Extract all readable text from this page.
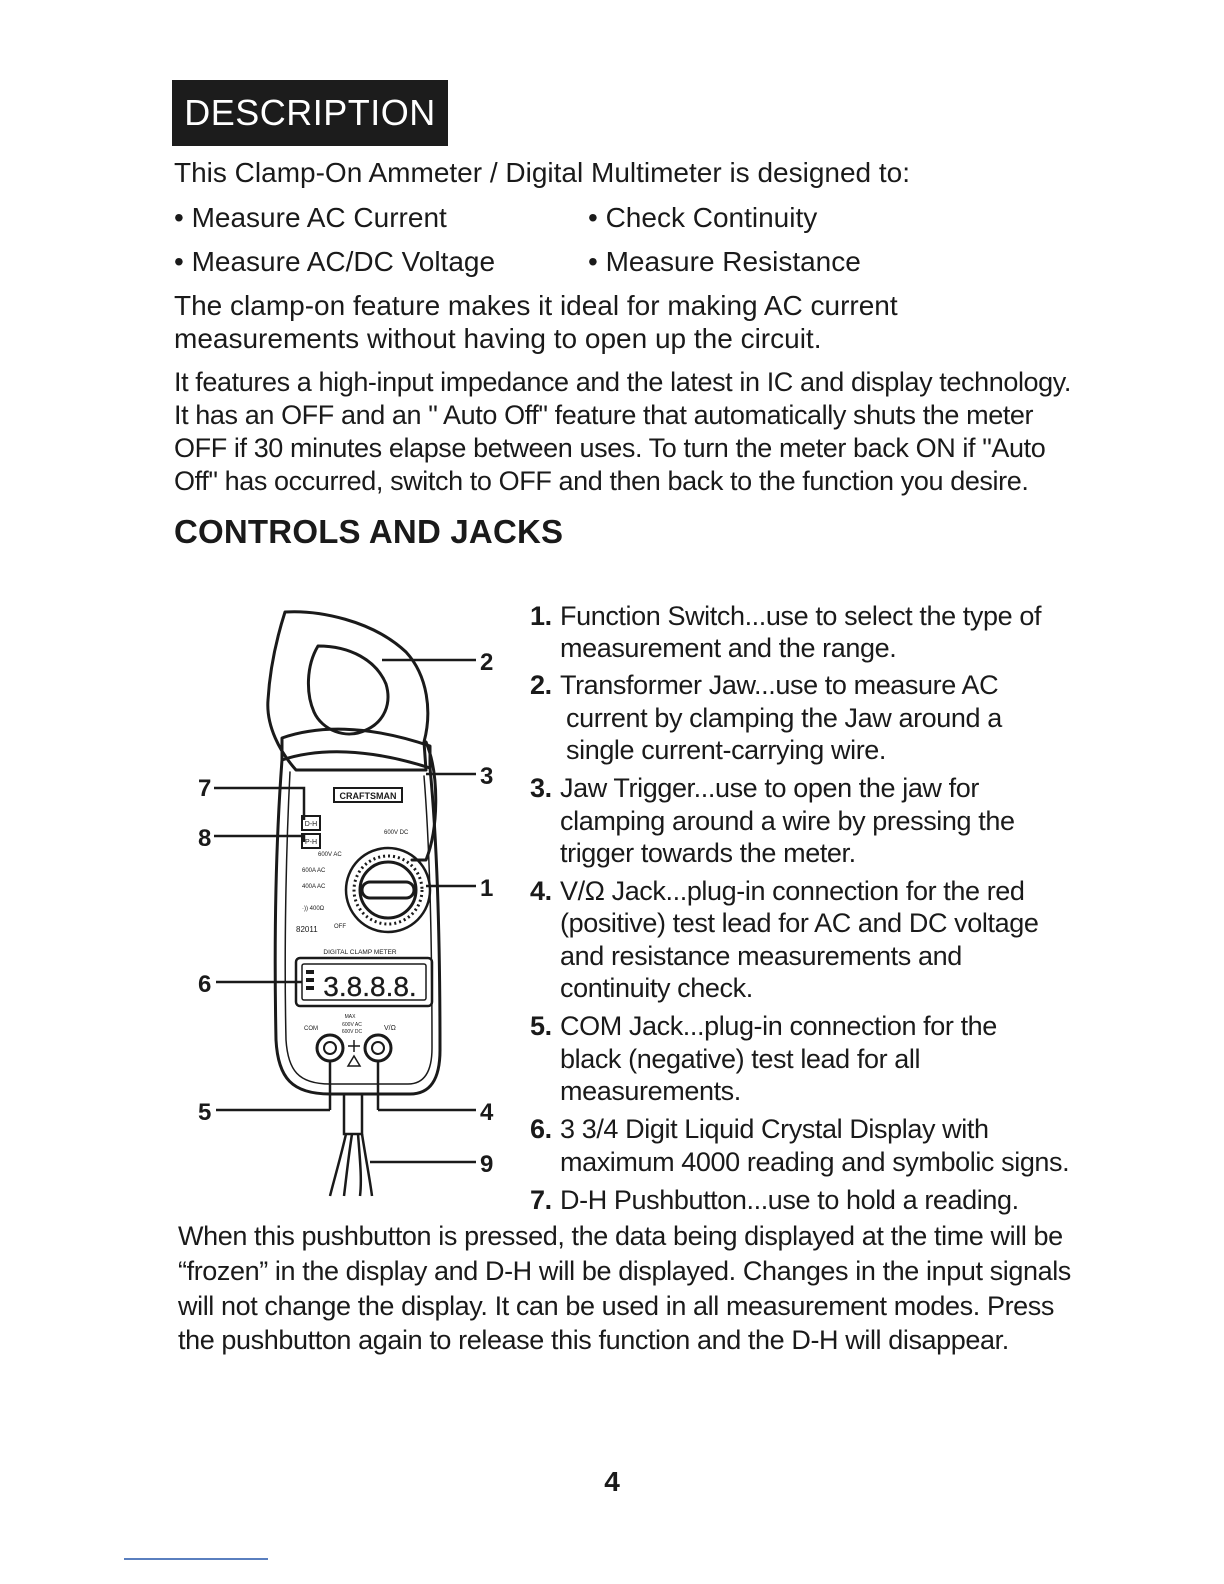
DESCRIPTION
This Clamp-On Ammeter / Digital Multimeter is designed to:
• Measure AC Current	• Check Continuity
• Measure AC/DC Voltage	• Measure Resistance
The clamp-on feature makes it ideal for making AC current
measurements without having to open up the circuit.
It features a high-input impedance and the latest in IC and display technology.
It has an OFF and an " Auto Off" feature that automatically shuts the meter
OFF if 30 minutes elapse between uses. To turn the meter back ON if "Auto
Off" has occurred, switch to OFF and then back to the function you desire.
CONTROLS AND JACKS
1. Function Switch...use to select the type of
measurement and the range.
2. Transformer Jaw...use to measure AC
current by clamping the Jaw around a
single current-carrying wire.
3. Jaw Trigger...use to open the jaw for
clamping around a wire by pressing the
trigger towards the meter.
4. V/Ω Jack...plug-in connection for the red
(positive) test lead for AC and DC voltage
and resistance measurements and
continuity check.
5. COM Jack...plug-in connection for the
black (negative) test lead for all
measurements.
6. 3 3/4 Digit Liquid Crystal Display with
maximum 4000 reading and symbolic signs.
7. D-H Pushbutton...use to hold a reading.
When this pushbutton is pressed, the data being displayed at the time will be
“frozen” in the display and D-H will be displayed. Changes in the input signals
will not change the display. It can be used in all measurement modes. Press
the pushbutton again to release this function and the D-H will disappear.
CRAFTSMAN
D-H
P-H
600V DC
600V AC
600A AC
400A AC
·)) 400Ω
OFF
82011
DIGITAL CLAMP METER
3.8.8.8.
COM
MAX
600V AC
600V DC	V/Ω
2
3
1
7
8
6
5	4
9
4
